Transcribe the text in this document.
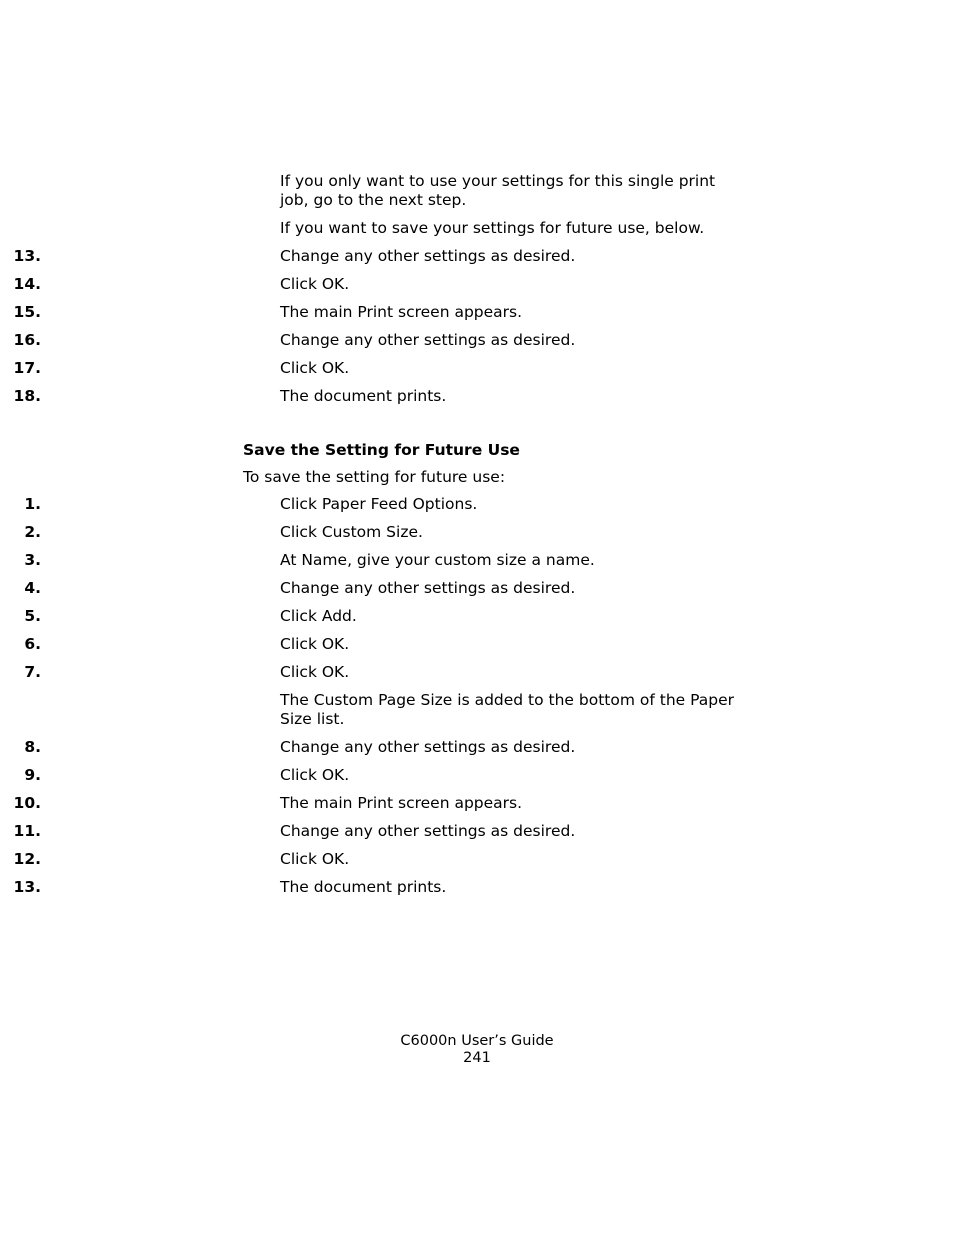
If you only want to use your settings for this single print job, go to the next step.

If you want to save your settings for future use, below.

13.	Change any other settings as desired.
14.	Click OK.
15.	The main Print screen appears.
16.	Change any other settings as desired.
17.	Click OK.
18.	The document prints.
Save the Setting for Future Use
To save the setting for future use:
1.	Click Paper Feed Options.
2.	Click Custom Size.
3.	At Name, give your custom size a name.
4.	Change any other settings as desired.
5.	Click Add.
6.	Click OK.
7.	Click OK.

The Custom Page Size is added to the bottom of the Paper Size list.

8.	Change any other settings as desired.
9.	Click OK.
10.	The main Print screen appears.
11.	Change any other settings as desired.
12.	Click OK.
13.	The document prints.
C6000n User’s Guide
241
